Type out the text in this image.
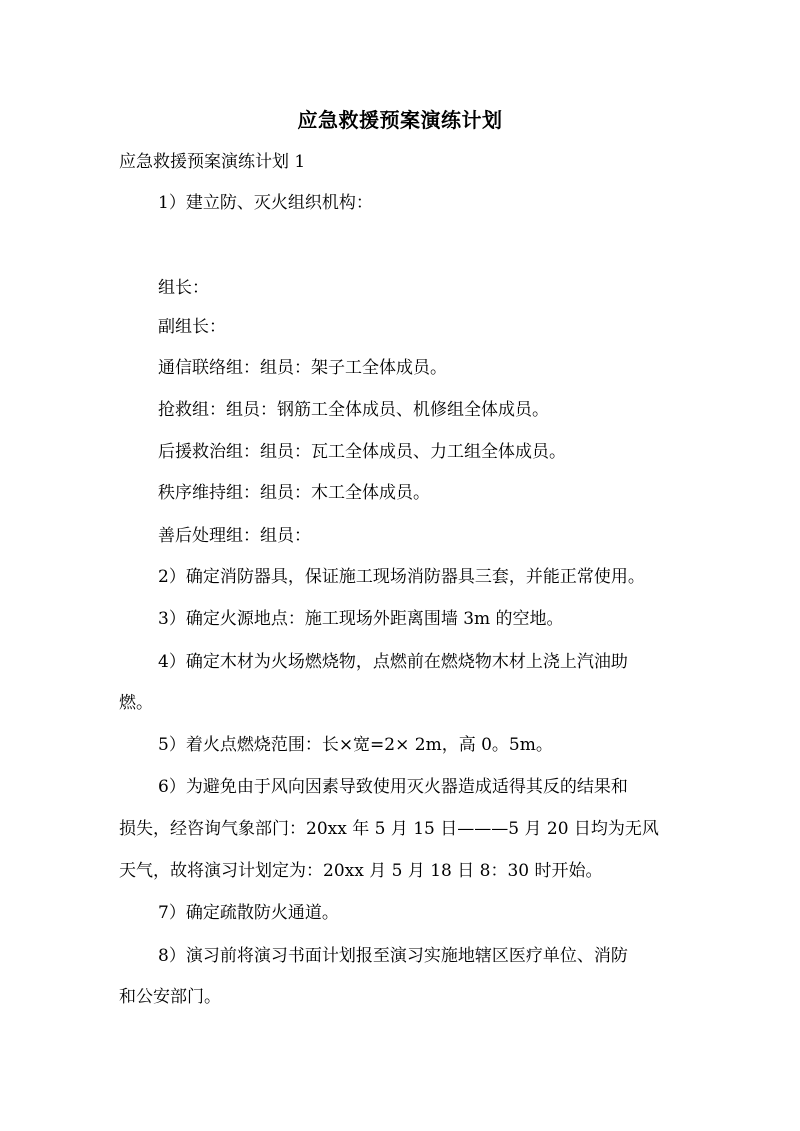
应急救援预案演练计划
应急救援预案演练计划 1
1）建立防、灭火组织机构：
组长：
副组长：
通信联络组：组员：架子工全体成员。
抢救组：组员：钢筋工全体成员、机修组全体成员。
后援救治组：组员：瓦工全体成员、力工组全体成员。
秩序维持组：组员：木工全体成员。
善后处理组：组员：
2）确定消防器具，保证施工现场消防器具三套，并能正常使用。
3）确定火源地点：施工现场外距离围墙 3m 的空地。
4）确定木材为火场燃烧物，点燃前在燃烧物木材上浇上汽油助
燃。
5）着火点燃烧范围：长×宽=2× 2m，高 0。5m。
6）为避免由于风向因素导致使用灭火器造成适得其反的结果和
损失，经咨询气象部门：20xx 年 5 月 15 日———5 月 20 日均为无风
天气，故将演习计划定为：20xx 月 5 月 18 日 8：30 时开始。
7）确定疏散防火通道。
8）演习前将演习书面计划报至演习实施地辖区医疗单位、消防
和公安部门。
